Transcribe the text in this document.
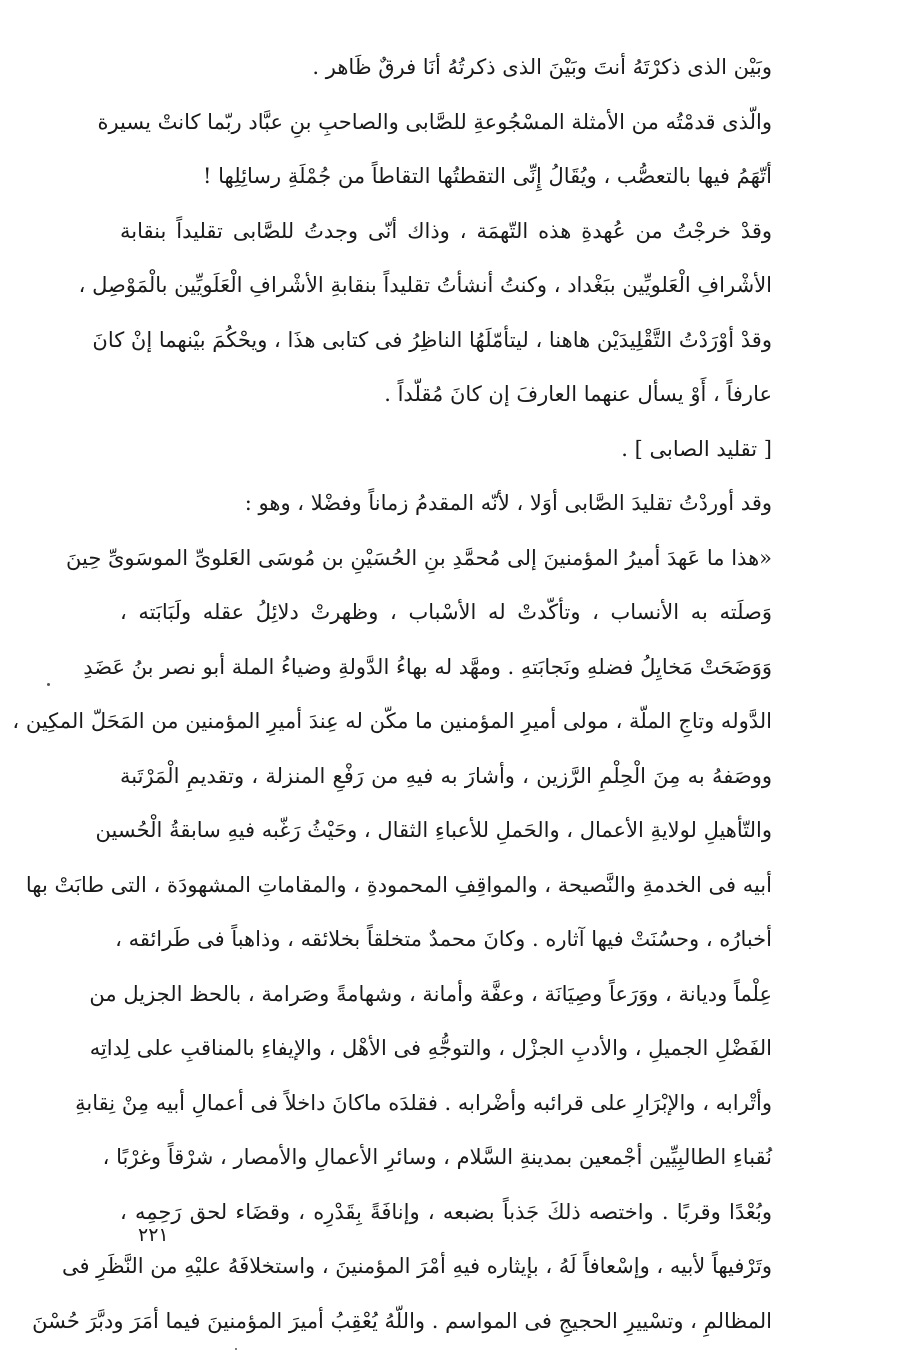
وبَيْن الذى ذكرْتَهُ أنتَ وبَيْنَ الذى ذكرتُهُ أنَا فرقٌ ظَاهر .
والّذى قدمْتُه من الأمثلة المسْجُوعةِ للصَّابى والصاحبِ بنِ عبَّاد ربّما كانتْ يسيرة
أتّهَمُ فيها بالتعصُّب ، ويُقَالُ إِنِّى التقطتُها التقاطاً من جُمْلَةِ رسائِلِها !
وقدْ خرجْتُ من عُهدةِ هذه التّهمَة ، وذاك أنّى وجدتُ للصَّابى تقليداً بنقابة
الأشْرافِ الْعَلويِّين ببَغْداد ، وكنتُ أنشأتُ تقليداً بنقابةِ الأشْرافِ الْعَلَويِّين بالْمَوْصِل ،
وقدْ أوْرَدْتُ التَّقْلِيدَيْن هاهنا ، ليتأمّلَهُا الناظِرُ فى كتابى هذَا ، ويحْكُمَ بيْنهما إنْ كانَ
عارفاً ، أَوْ يسأل عنهما العارفَ إن كانَ مُقلّداً .
[ تقليد الصابى ] .
وقد أوردْتُ تقليدَ الصَّابى أوَلا ، لأنّه المقدمُ زماناً وفضْلا ، وهو :
«هذا ما عَهدَ أميرُ المؤمنينَ إلى مُحمَّدِ بنِ الحُسَيْنِ بن مُوسَى العَلوىِّ الموسَوىِّ حِينَ
وَصلَته به الأنساب ، وتأكّدتْ له الأسْباب ، وظهرتْ دلائِلُ عقله ولَبَابَته ،
وَوَضَحَتْ مَخايِلُ فضلهِ ونَجابَتهِ . ومهَّد له بهاءُ الدَّولةِ وضياءُ الملة أبو نصر بنُ عَضَدِ
الدَّوله وتاجِ الملّة ، مولى أميرِ المؤمنين ما مكّن له عِندَ أميرِ المؤمنين من المَحَلّ المكِين ،
ووصَفهُ به مِنَ الْحِلْمِ الرَّزين ، وأشارَ به فيهِ من رَفْعِ المنزلة ، وتقديمِ الْمَرْتَبة
والتّأهيلِ لولايةِ الأعمال ، والحَملِ للأعباءِ الثقال ، وحَيْثُ رَغّبه فيهِ سابقةُ الْحُسين
أبيه فى الخدمةِ والنَّصيحة ، والمواقِفِ المحمودةِ ، والمقاماتِ المشهودَة ، التى طابَتْ بها
أخبارُه ، وحسُنَتْ فيها آثاره . وكانَ محمدٌ متخلقاً بخلائقه ، وذاهباً فى طَرائقه ،
عِلْماً وديانة ، ووَرَعاً وصِيَانَة ، وعفَّة وأمانة ، وشهامةً وصَرامة ، بالحظ الجزيل من
الفَضْلِ الجميلِ ، والأدبِ الجزْل ، والتوجُّهِ فى الأهْل ، والإيفاءِ بالمناقبِ على لِداتِه
وأتْرابه ، والإبْرَارِ على قرائبه وأضْرابه . فقلدَه ماكانَ داخلاً فى أعمالِ أبيه مِنْ نِقابةِ
نُقباءِ الطالبِيِّين أجْمعين بمدينةِ السَّلام ، وسائرِ الأعمالِ والأمصار ، شرْقاً وغرْبًا ،
وبُعْدًا وقربًا . واختصه ذلكَ جَذباً بضبعه ، وإنافَةً بِقَدْرِه ، وقضَاء لحق رَحِمِه ،
وتَرْفيهاً لأبيه ، وإسْعافاً لَهُ ، بإيثاره فيهِ أمْرَ المؤمنينَ ، واستخلافَهُ عليْهِ من النَّظَرِ فى
المظالمِ ، وتسْييرِ الحجيجِ فى المواسم . واللّهُ يُعْقِبُ أميرَ المؤمنينَ فيما أمَرَ ودبَّرَ حُسْنَ
٢٢١
